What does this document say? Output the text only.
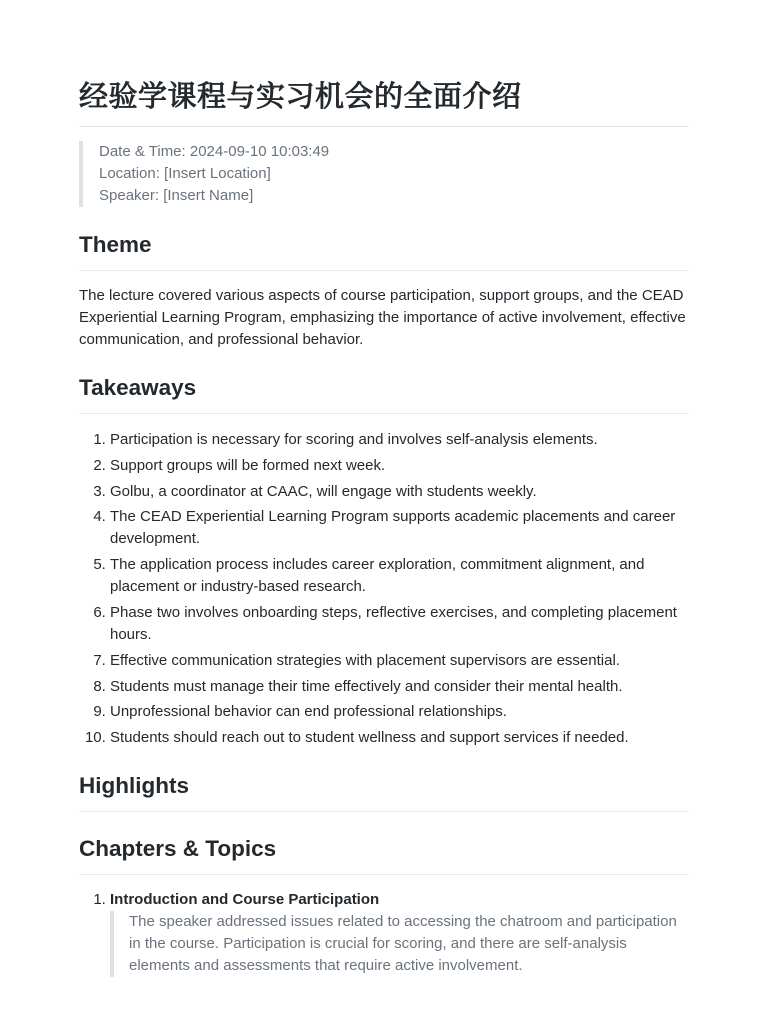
经验学课程与实习机会的全面介绍
Date & Time: 2024-09-10 10:03:49
Location: [Insert Location]
Speaker: [Insert Name]
Theme

The lecture covered various aspects of course participation, support groups, and the CEAD Experiential Learning Program, emphasizing the importance of active involvement, effective communication, and professional behavior.

Takeaways
1. Participation is necessary for scoring and involves self-analysis elements.
2. Support groups will be formed next week.
3. Golbu, a coordinator at CAAC, will engage with students weekly.
4. The CEAD Experiential Learning Program supports academic placements and career development.
5. The application process includes career exploration, commitment alignment, and placement or industry-based research.
6. Phase two involves onboarding steps, reflective exercises, and completing placement hours.
7. Effective communication strategies with placement supervisors are essential.
8. Students must manage their time effectively and consider their mental health.
9. Unprofessional behavior can end professional relationships.
10. Students should reach out to student wellness and support services if needed.
Highlights
Chapters & Topics
1. Introduction and Course Participation
The speaker addressed issues related to accessing the chatroom and participation in the course. Participation is crucial for scoring, and there are self-analysis elements and assessments that require active involvement.
